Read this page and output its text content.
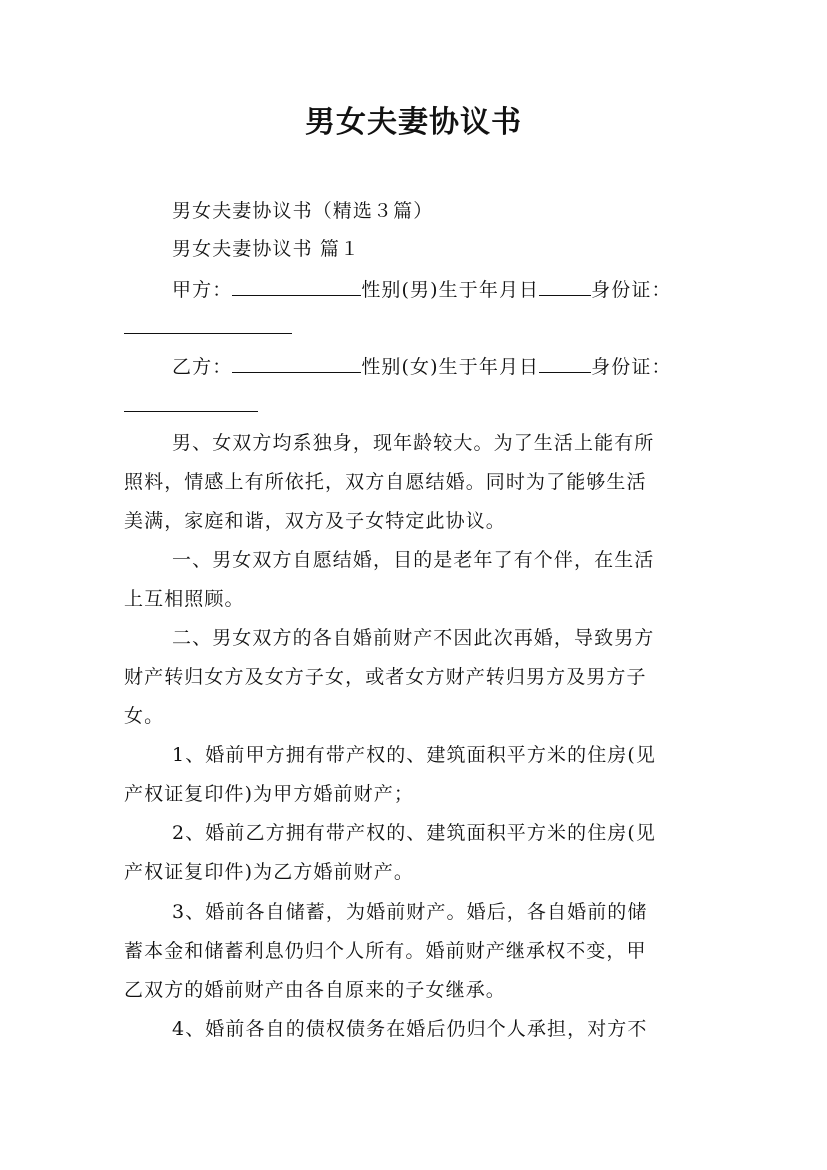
男女夫妻协议书
男女夫妻协议书（精选３篇）
男女夫妻协议书 篇１
甲方：	性别(男)生于年月日	身份证：
乙方：	性别(女)生于年月日	身份证：
男、女双方均系独身，现年龄较大。为了生活上能有所
照料，情感上有所依托，双方自愿结婚。同时为了能够生活
美满，家庭和谐，双方及子女特定此协议。
一、男女双方自愿结婚，目的是老年了有个伴，在生活
上互相照顾。
二、男女双方的各自婚前财产不因此次再婚，导致男方
财产转归女方及女方子女，或者女方财产转归男方及男方子
女。
1、婚前甲方拥有带产权的、建筑面积平方米的住房(见
产权证复印件)为甲方婚前财产；
2、婚前乙方拥有带产权的、建筑面积平方米的住房(见
产权证复印件)为乙方婚前财产。
3、婚前各自储蓄，为婚前财产。婚后，各自婚前的储
蓄本金和储蓄利息仍归个人所有。婚前财产继承权不变，甲
乙双方的婚前财产由各自原来的子女继承。
4、婚前各自的债权债务在婚后仍归个人承担，对方不
